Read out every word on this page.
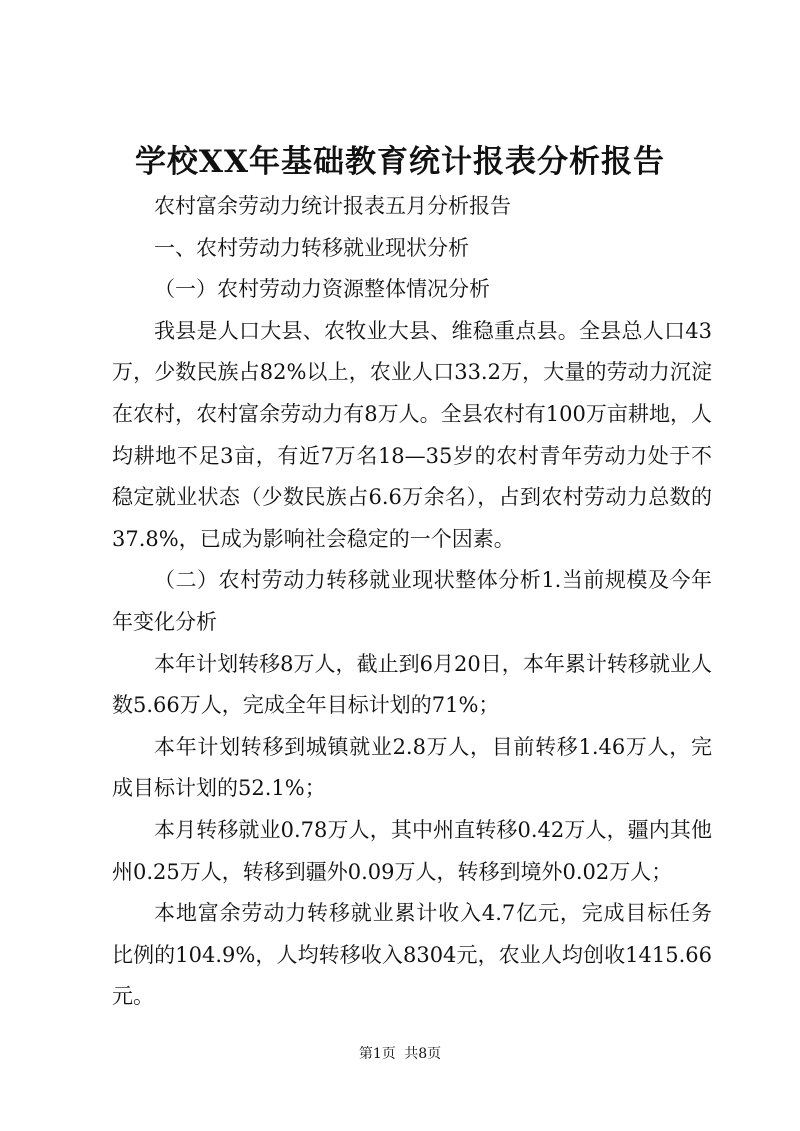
学校XX年基础教育统计报表分析报告

农村富余劳动力统计报表五月分析报告

一、农村劳动力转移就业现状分析

（一）农村劳动力资源整体情况分析

我县是人口大县、农牧业大县、维稳重点县。全县总人口43万，少数民族占82%以上，农业人口33.2万，大量的劳动力沉淀在农村，农村富余劳动力有8万人。全县农村有100万亩耕地，人均耕地不足3亩，有近7万名18—35岁的农村青年劳动力处于不稳定就业状态（少数民族占6.6万余名），占到农村劳动力总数的37.8%，已成为影响社会稳定的一个因素。

（二）农村劳动力转移就业现状整体分析1.当前规模及今年年变化分析

本年计划转移8万人，截止到6月20日，本年累计转移就业人数5.66万人，完成全年目标计划的71%；

本年计划转移到城镇就业2.8万人，目前转移1.46万人，完成目标计划的52.1%；

本月转移就业0.78万人，其中州直转移0.42万人，疆内其他州0.25万人，转移到疆外0.09万人，转移到境外0.02万人；

本地富余劳动力转移就业累计收入4.7亿元，完成目标任务比例的104.9%，人均转移收入8304元，农业人均创收1415.66元。

第1页 共8页
